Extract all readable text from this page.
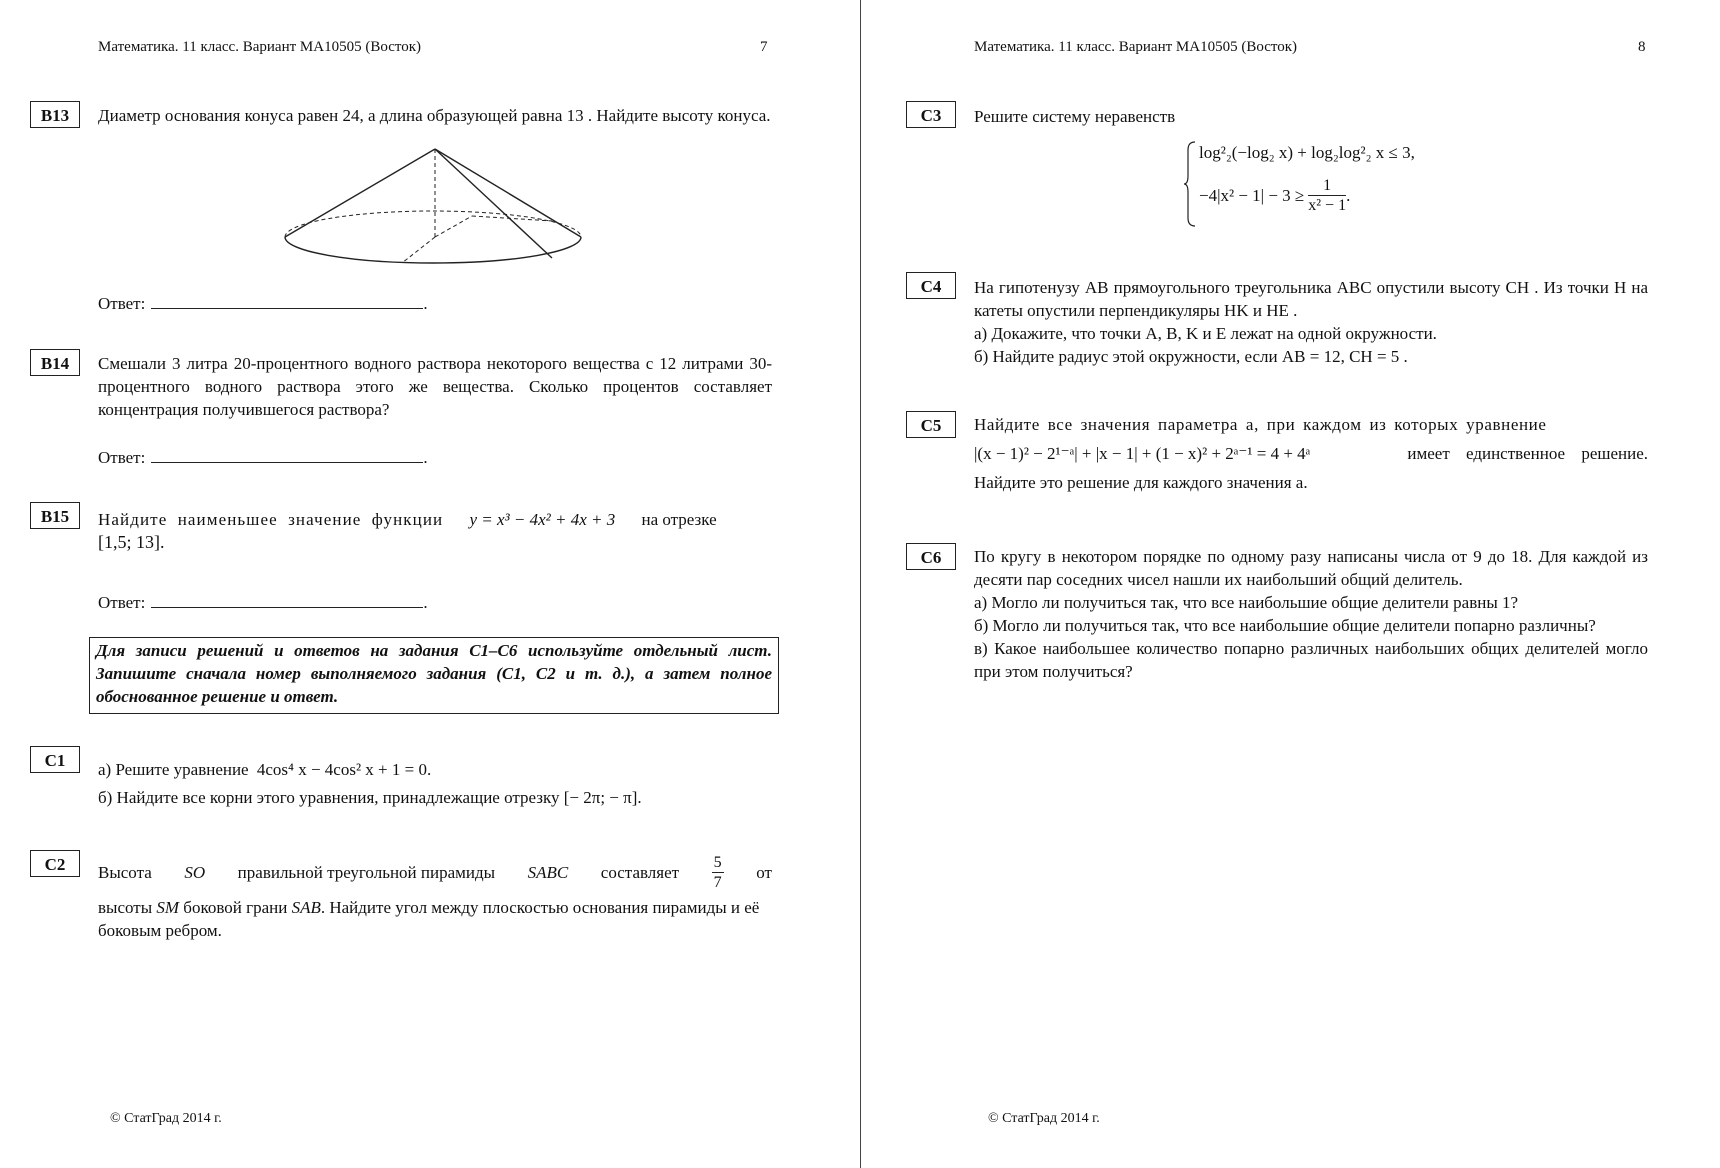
Математика. 11 класс. Вариант МА10505 (Восток)	7
B13	Диаметр основания конуса равен 24, а длина образующей равна 13 . Найдите высоту конуса.
Ответ:	.
B14	Смешали 3 литра 20-процентного водного раствора некоторого вещества с 12 литрами 30-процентного водного раствора этого же вещества. Сколько процентов составляет концентрация получившегося раствора?
Ответ:	.
B15	Найдите наименьшее значение функции y = x³ − 4x² + 4x + 3 на отрезке
[1,5; 13].
Ответ:	.
Для записи решений и ответов на задания С1–С6 используйте отдельный лист. Запишите сначала номер выполняемого задания (С1, С2 и т. д.), а затем полное обоснованное решение и ответ.
C1	а) Решите уравнение 4cos⁴ x − 4cos² x + 1 = 0.
б) Найдите все корни этого уравнения, принадлежащие отрезку [− 2π; − π].
C2	Высота SO правильной треугольной пирамиды SABC составляет $\frac{5}{7}$ от
высоты SM боковой грани SAB. Найдите угол между плоскостью основания пирамиды и её боковым ребром.
© СтатГрад 2014 г.
Математика. 11 класс. Вариант МА10505 (Восток)	8
C3	Решите систему неравенств
log²₂(−log₂ x) + log₂log²₂ x ≤ 3,
$-4|x^2 - 1| - 3 \ge \frac{1}{\text{x² − 1}}$ .
C4	На гипотенузу AB прямоугольного треугольника ABC опустили высоту CH . Из точки H на катеты опустили перпендикуляры HK и HE .

а) Докажите, что точки A, B, K и E лежат на одной окружности.

б) Найдите радиус этой окружности, если AB = 12, CH = 5 .

C5	Найдите все значения параметра a, при каждом из которых уравнение

|(x − 1)² − 2¹⁻ᵃ| + |x − 1| + (1 − x)² + 2ᵃ⁻¹ = 4 + 4ᵃ	имеет единственное решение.

Найдите это решение для каждого значения a.

C6	По кругу в некотором порядке по одному разу написаны числа от 9 до 18. Для каждой из десяти пар соседних чисел нашли их наибольший общий делитель.

а) Могло ли получиться так, что все наибольшие общие делители равны 1?

б) Могло ли получиться так, что все наибольшие общие делители попарно различны?

в) Какое наибольшее количество попарно различных наибольших общих делителей могло при этом получиться?

© СтатГрад 2014 г.
